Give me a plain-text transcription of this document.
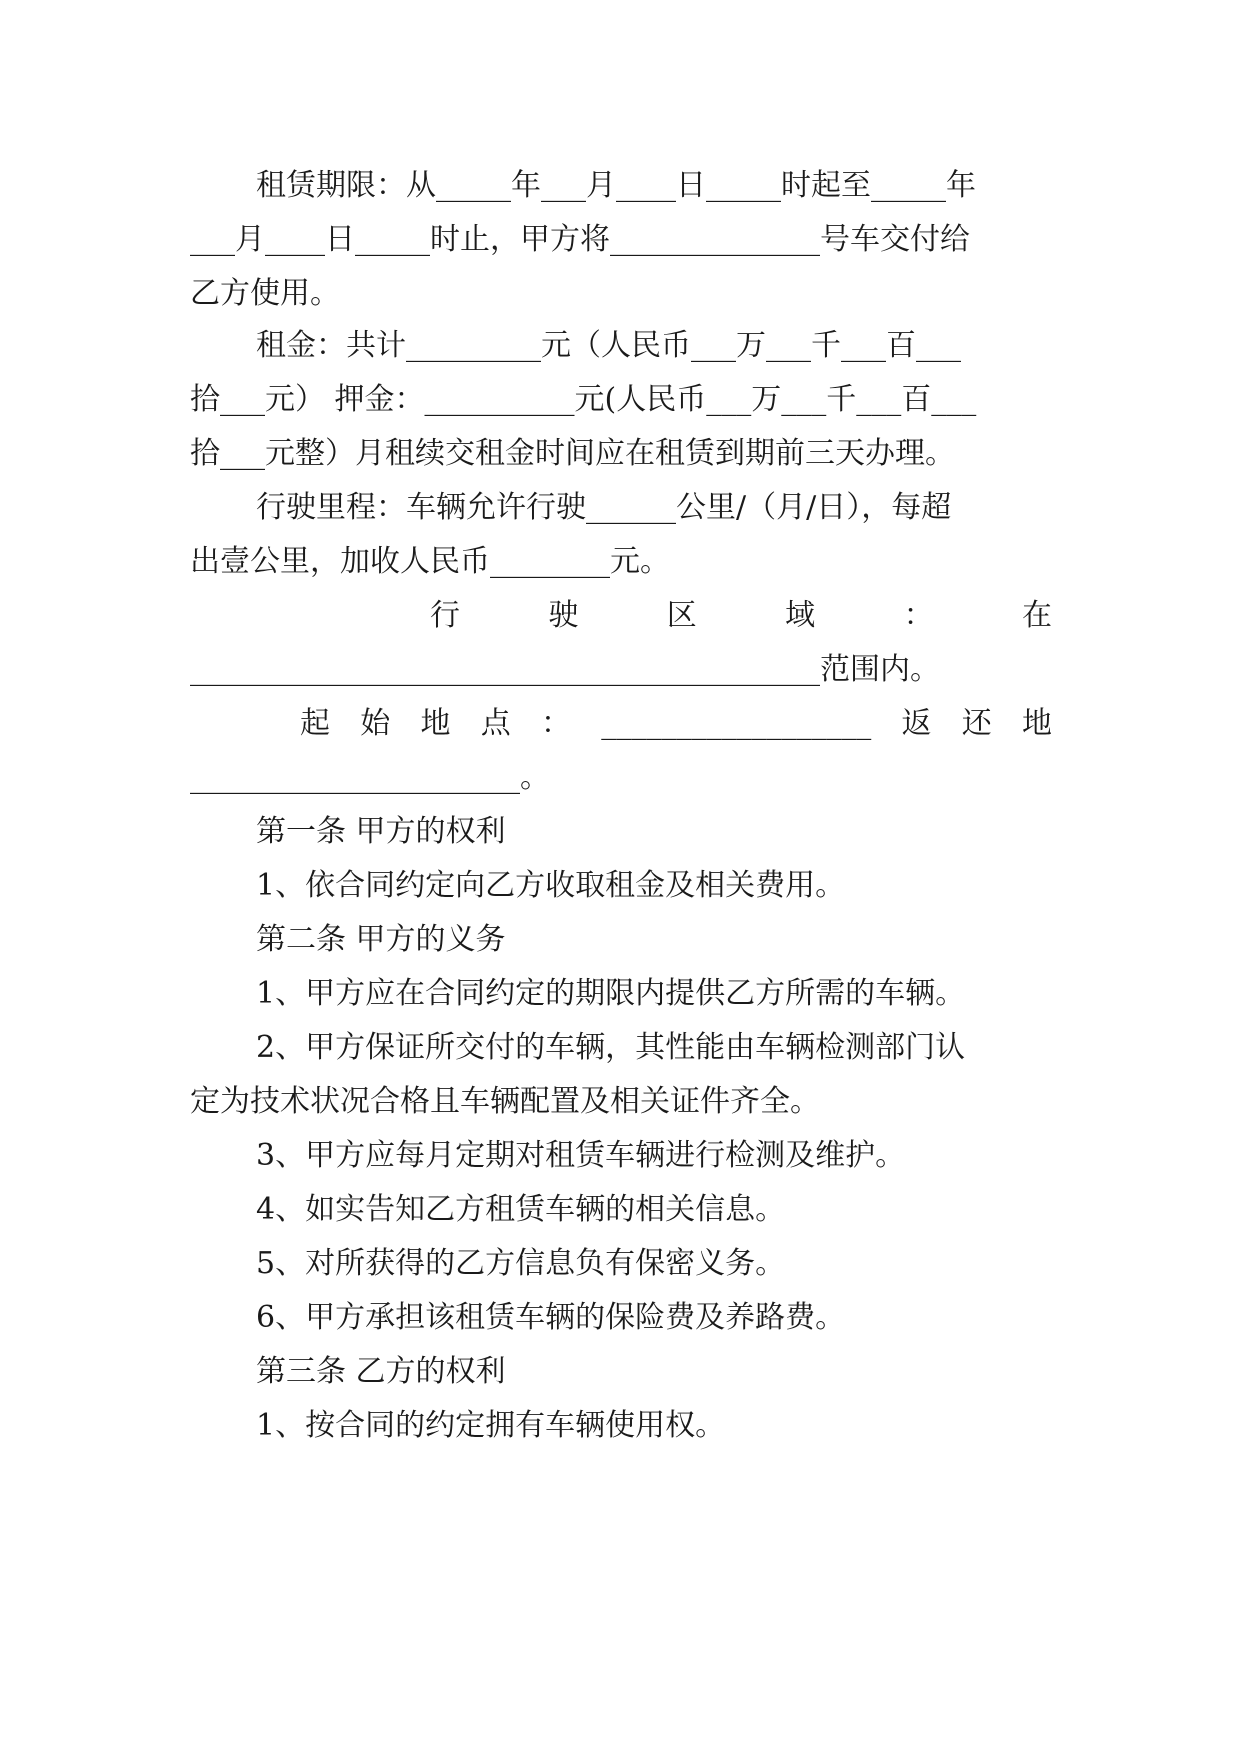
租赁期限：从_____年___月____日_____时起至_____年
___月____日_____时止，甲方将______________号车交付给
乙方使用。
租金：共计_________元（人民币___万___千___百___
拾___元） 押金：__________元(人民币___万___千___百___
拾___元整）月租续交租金时间应在租赁到期前三天办理。
行驶里程：车辆允许行驶______公里/（月/日），每超
出壹公里，加收人民币________元。
行	驶	区	域	：	在
__________________________________________范围内。
起 始 地 点 ： __________________ 返 还 地
______________________。
第一条 甲方的权利
1、依合同约定向乙方收取租金及相关费用。
第二条 甲方的义务
1、甲方应在合同约定的期限内提供乙方所需的车辆。
2、甲方保证所交付的车辆，其性能由车辆检测部门认
定为技术状况合格且车辆配置及相关证件齐全。
3、甲方应每月定期对租赁车辆进行检测及维护。
4、如实告知乙方租赁车辆的相关信息。
5、对所获得的乙方信息负有保密义务。
6、甲方承担该租赁车辆的保险费及养路费。
第三条 乙方的权利
1、按合同的约定拥有车辆使用权。
